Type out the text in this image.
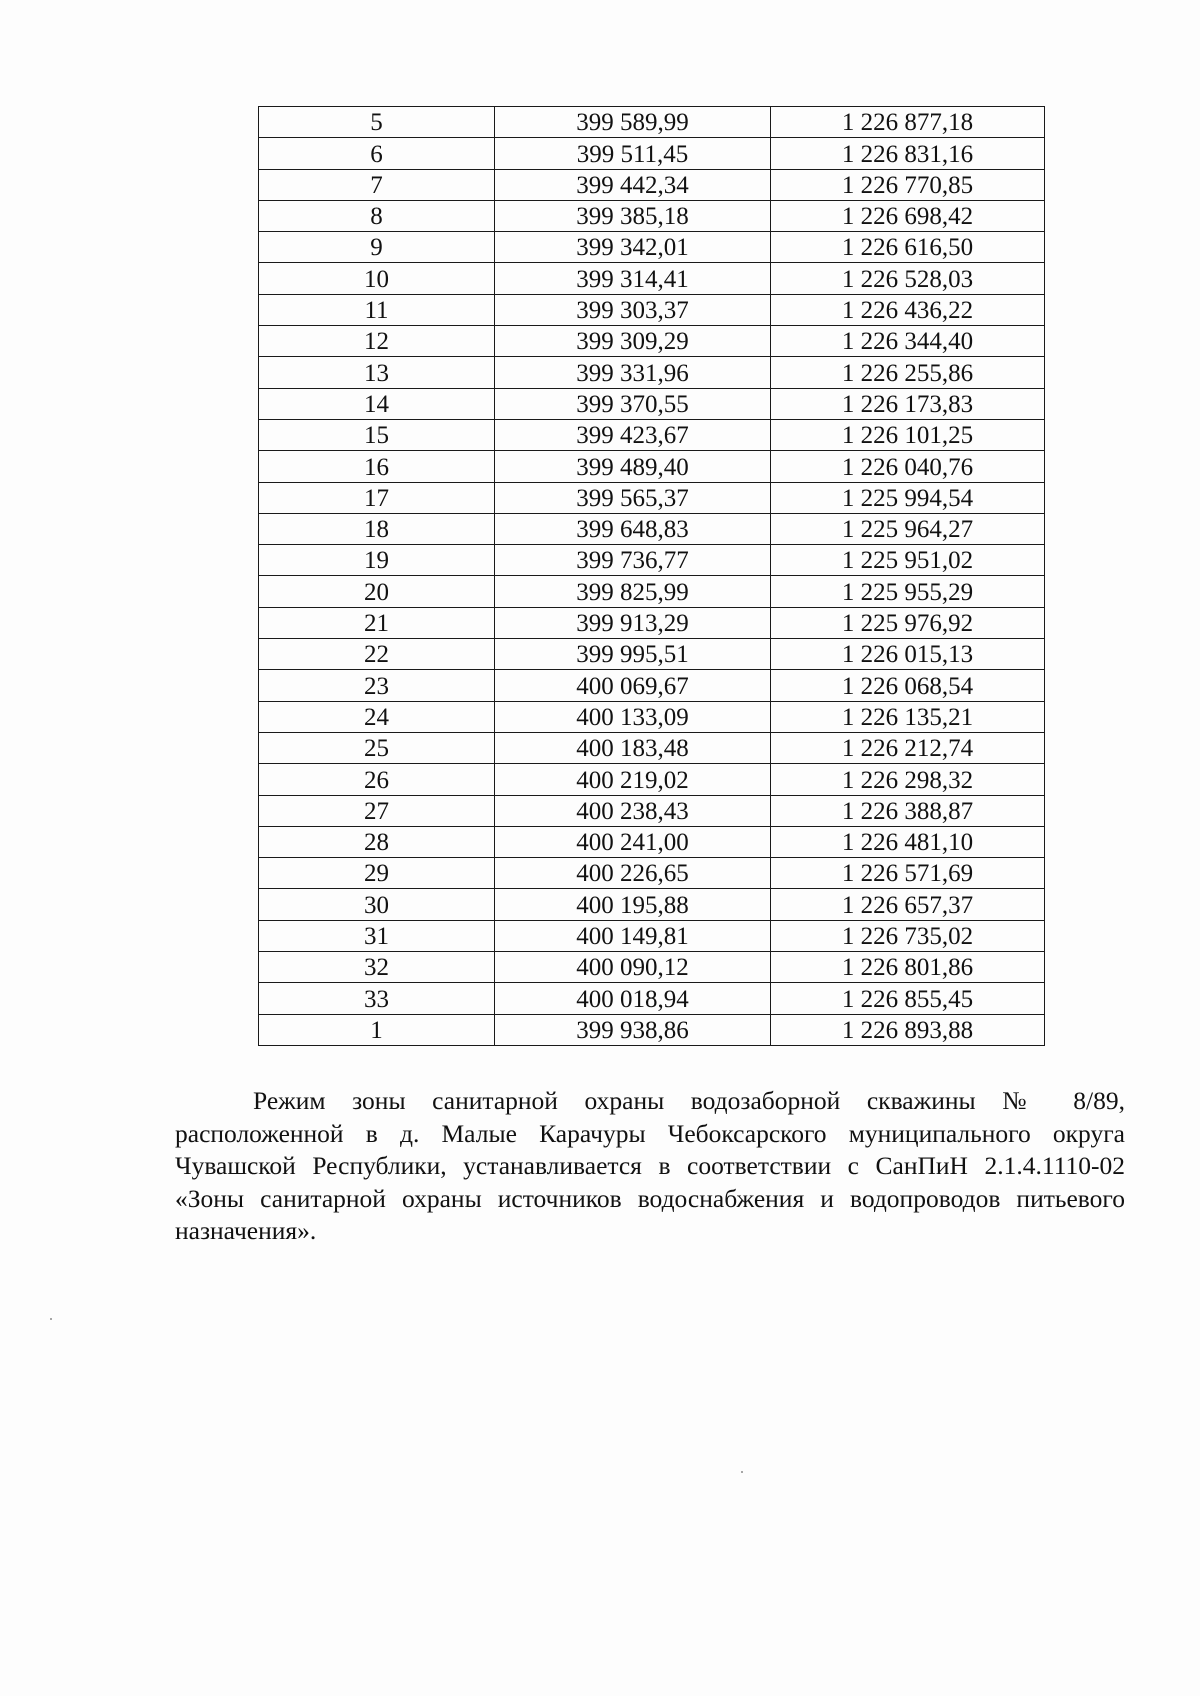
5	399 589,99	1 226 877,18
6	399 511,45	1 226 831,16
7	399 442,34	1 226 770,85
8	399 385,18	1 226 698,42
9	399 342,01	1 226 616,50
10	399 314,41	1 226 528,03
11	399 303,37	1 226 436,22
12	399 309,29	1 226 344,40
13	399 331,96	1 226 255,86
14	399 370,55	1 226 173,83
15	399 423,67	1 226 101,25
16	399 489,40	1 226 040,76
17	399 565,37	1 225 994,54
18	399 648,83	1 225 964,27
19	399 736,77	1 225 951,02
20	399 825,99	1 225 955,29
21	399 913,29	1 225 976,92
22	399 995,51	1 226 015,13
23	400 069,67	1 226 068,54
24	400 133,09	1 226 135,21
25	400 183,48	1 226 212,74
26	400 219,02	1 226 298,32
27	400 238,43	1 226 388,87
28	400 241,00	1 226 481,10
29	400 226,65	1 226 571,69
30	400 195,88	1 226 657,37
31	400 149,81	1 226 735,02
32	400 090,12	1 226 801,86
33	400 018,94	1 226 855,45
1	399 938,86	1 226 893,88

Режим зоны санитарной охраны водозаборной скважины № 8/89, расположенной в д. Малые Карачуры Чебоксарского муниципального округа Чувашской Республики, устанавливается в соответствии с СанПиН 2.1.4.1110-02 «Зоны санитарной охраны источников водоснабжения и водопроводов питьевого назначения».
